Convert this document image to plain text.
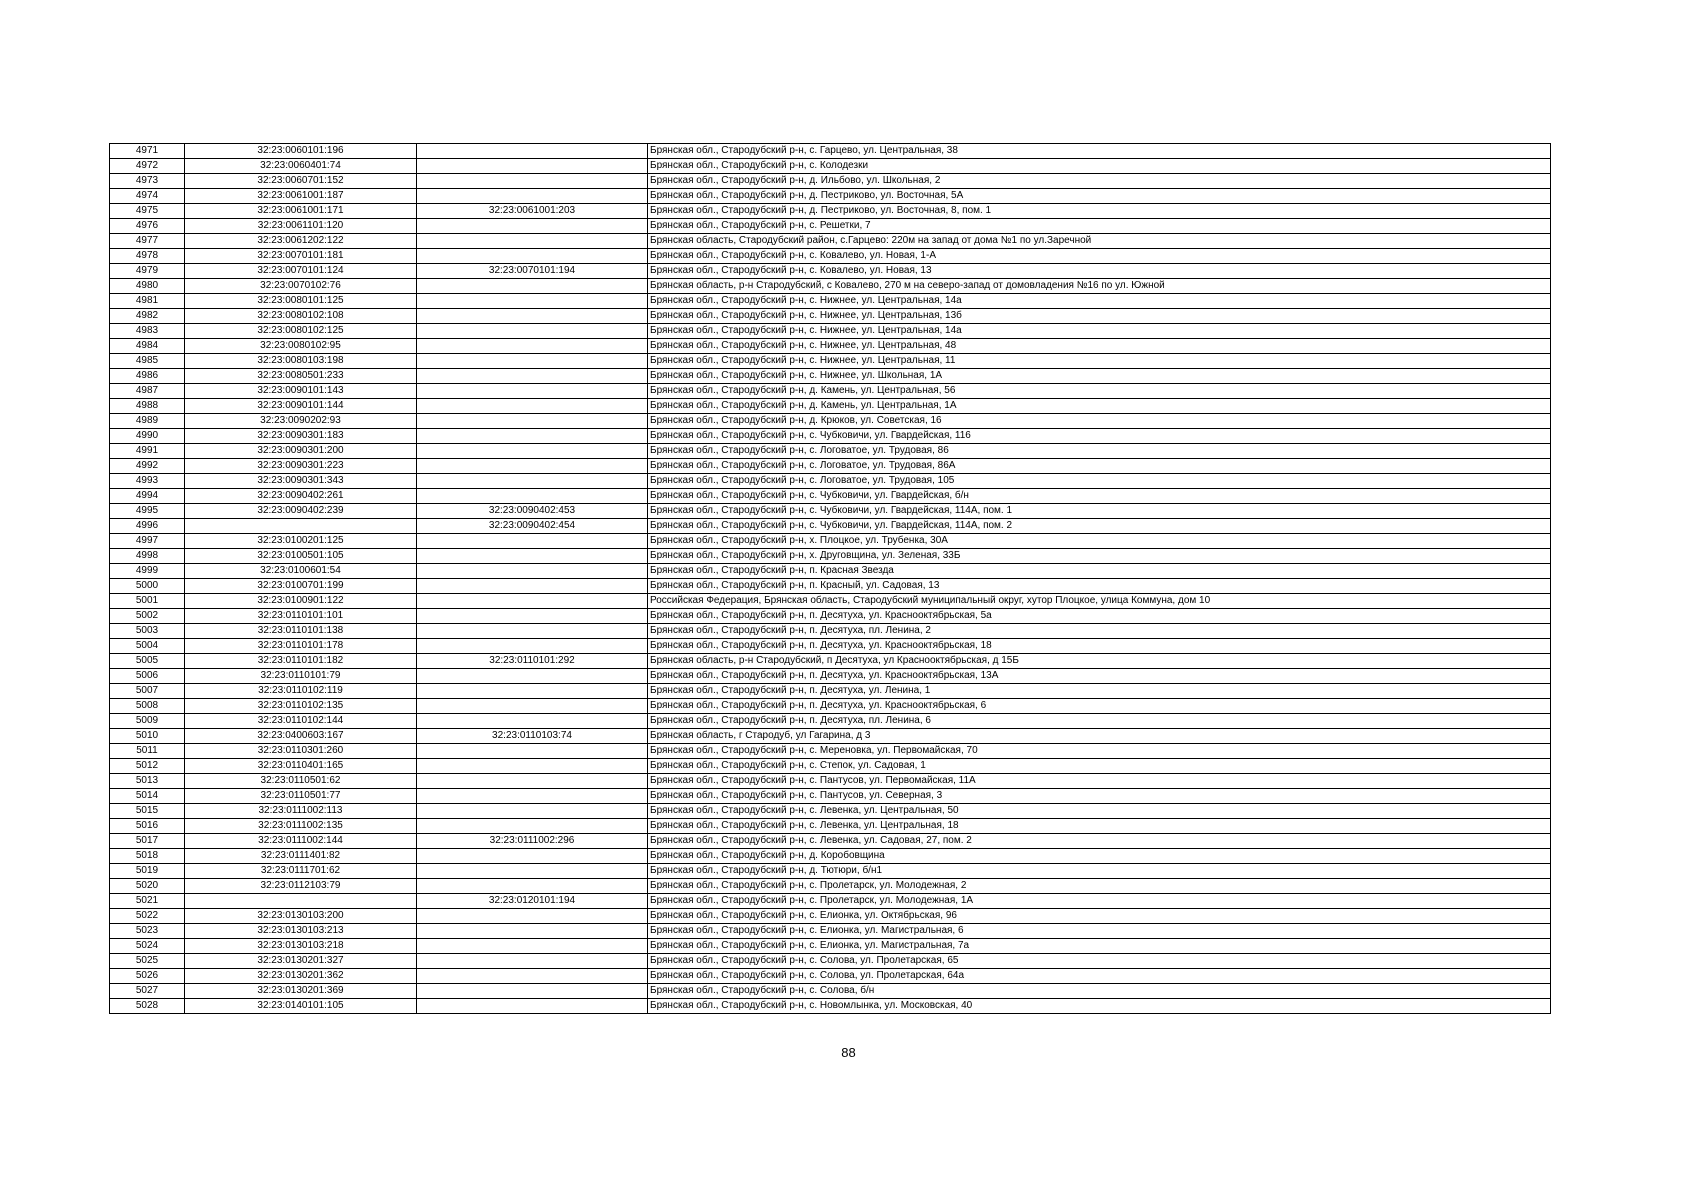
4971	32:23:0060101:196		Брянская обл., Стародубский р-н, с. Гарцево, ул. Центральная, 38
4972	32:23:0060401:74		Брянская обл., Стародубский р-н, с. Колодезки
4973	32:23:0060701:152		Брянская обл., Стародубский р-н, д. Ильбово, ул. Школьная, 2
4974	32:23:0061001:187		Брянская обл., Стародубский р-н, д. Пестриково, ул. Восточная, 5А
4975	32:23:0061001:171	32:23:0061001:203	Брянская обл., Стародубский р-н, д. Пестриково, ул. Восточная, 8, пом. 1
4976	32:23:0061101:120		Брянская обл., Стародубский р-н, с. Решетки, 7
4977	32:23:0061202:122		Брянская область, Стародубский район, с.Гарцево: 220м на запад от дома №1 по ул.Заречной
4978	32:23:0070101:181		Брянская обл., Стародубский р-н, с. Ковалево, ул. Новая, 1-А
4979	32:23:0070101:124	32:23:0070101:194	Брянская обл., Стародубский р-н, с. Ковалево, ул. Новая, 13
4980	32:23:0070102:76		Брянская область, р-н Стародубский, с Ковалево, 270 м на северо-запад от домовладения №16 по ул. Южной
4981	32:23:0080101:125		Брянская обл., Стародубский р-н, с. Нижнее, ул. Центральная, 14а
4982	32:23:0080102:108		Брянская обл., Стародубский р-н, с. Нижнее, ул. Центральная, 13б
4983	32:23:0080102:125		Брянская обл., Стародубский р-н, с. Нижнее, ул. Центральная, 14а
4984	32:23:0080102:95		Брянская обл., Стародубский р-н, с. Нижнее, ул. Центральная, 48
4985	32:23:0080103:198		Брянская обл., Стародубский р-н, с. Нижнее, ул. Центральная, 11
4986	32:23:0080501:233		Брянская обл., Стародубский р-н, с. Нижнее, ул. Школьная, 1А
4987	32:23:0090101:143		Брянская обл., Стародубский р-н, д. Камень, ул. Центральная, 56
4988	32:23:0090101:144		Брянская обл., Стародубский р-н, д. Камень, ул. Центральная, 1А
4989	32:23:0090202:93		Брянская обл., Стародубский р-н, д. Крюков, ул. Советская, 16
4990	32:23:0090301:183		Брянская обл., Стародубский р-н, с. Чубковичи, ул. Гвардейская, 116
4991	32:23:0090301:200		Брянская обл., Стародубский р-н, с. Логоватое, ул. Трудовая, 86
4992	32:23:0090301:223		Брянская обл., Стародубский р-н, с. Логоватое, ул. Трудовая, 86А
4993	32:23:0090301:343		Брянская обл., Стародубский р-н, с. Логоватое, ул. Трудовая, 105
4994	32:23:0090402:261		Брянская обл., Стародубский р-н, с. Чубковичи, ул. Гвардейская, б/н
4995	32:23:0090402:239	32:23:0090402:453	Брянская обл., Стародубский р-н, с. Чубковичи, ул. Гвардейская, 114А, пом. 1
4996		32:23:0090402:454	Брянская обл., Стародубский р-н, с. Чубковичи, ул. Гвардейская, 114А, пом. 2
4997	32:23:0100201:125		Брянская обл., Стародубский р-н, х. Плоцкое, ул. Трубенка, 30А
4998	32:23:0100501:105		Брянская обл., Стародубский р-н, х. Друговщина, ул. Зеленая, 33Б
4999	32:23:0100601:54		Брянская обл., Стародубский р-н, п. Красная Звезда
5000	32:23:0100701:199		Брянская обл., Стародубский р-н, п. Красный, ул. Садовая, 13
5001	32:23:0100901:122		Российская Федерация, Брянская область, Стародубский муниципальный округ, хутор Плоцкое, улица Коммуна, дом 10
5002	32:23:0110101:101		Брянская обл., Стародубский р-н, п. Десятуха, ул. Краснооктябрьская, 5а
5003	32:23:0110101:138		Брянская обл., Стародубский р-н, п. Десятуха, пл. Ленина, 2
5004	32:23:0110101:178		Брянская обл., Стародубский р-н, п. Десятуха, ул. Краснооктябрьская, 18
5005	32:23:0110101:182	32:23:0110101:292	Брянская область, р-н Стародубский, п Десятуха, ул Краснооктябрьская, д 15Б
5006	32:23:0110101:79		Брянская обл., Стародубский р-н, п. Десятуха, ул. Краснооктябрьская, 13А
5007	32:23:0110102:119		Брянская обл., Стародубский р-н, п. Десятуха, ул. Ленина, 1
5008	32:23:0110102:135		Брянская обл., Стародубский р-н, п. Десятуха, ул. Краснооктябрьская, 6
5009	32:23:0110102:144		Брянская обл., Стародубский р-н, п. Десятуха, пл. Ленина, 6
5010	32:23:0400603:167	32:23:0110103:74	Брянская область, г Стародуб, ул Гагарина, д 3
5011	32:23:0110301:260		Брянская обл., Стародубский р-н, с. Мереновка, ул. Первомайская, 70
5012	32:23:0110401:165		Брянская обл., Стародубский р-н, с. Степок, ул. Садовая, 1
5013	32:23:0110501:62		Брянская обл., Стародубский р-н, с. Пантусов, ул. Первомайская, 11А
5014	32:23:0110501:77		Брянская обл., Стародубский р-н, с. Пантусов, ул. Северная, 3
5015	32:23:0111002:113		Брянская обл., Стародубский р-н, с. Левенка, ул. Центральная, 50
5016	32:23:0111002:135		Брянская обл., Стародубский р-н, с. Левенка, ул. Центральная, 18
5017	32:23:0111002:144	32:23:0111002:296	Брянская обл., Стародубский р-н, с. Левенка, ул. Садовая, 27, пом. 2
5018	32:23:0111401:82		Брянская обл., Стародубский р-н, д. Коробовщина
5019	32:23:0111701:62		Брянская обл., Стародубский р-н, д. Тютюри, б/н1
5020	32:23:0112103:79		Брянская обл., Стародубский р-н, с. Пролетарск, ул. Молодежная, 2
5021		32:23:0120101:194	Брянская обл., Стародубский р-н, с. Пролетарск, ул. Молодежная, 1А
5022	32:23:0130103:200		Брянская обл., Стародубский р-н, с. Елионка, ул. Октябрьская, 96
5023	32:23:0130103:213		Брянская обл., Стародубский р-н, с. Елионка, ул. Магистральная, 6
5024	32:23:0130103:218		Брянская обл., Стародубский р-н, с. Елионка, ул. Магистральная, 7а
5025	32:23:0130201:327		Брянская обл., Стародубский р-н, с. Солова, ул. Пролетарская, 65
5026	32:23:0130201:362		Брянская обл., Стародубский р-н, с. Солова, ул. Пролетарская, 64а
5027	32:23:0130201:369		Брянская обл., Стародубский р-н, с. Солова, б/н
5028	32:23:0140101:105		Брянская обл., Стародубский р-н, с. Новомлынка, ул. Московская, 40
88
